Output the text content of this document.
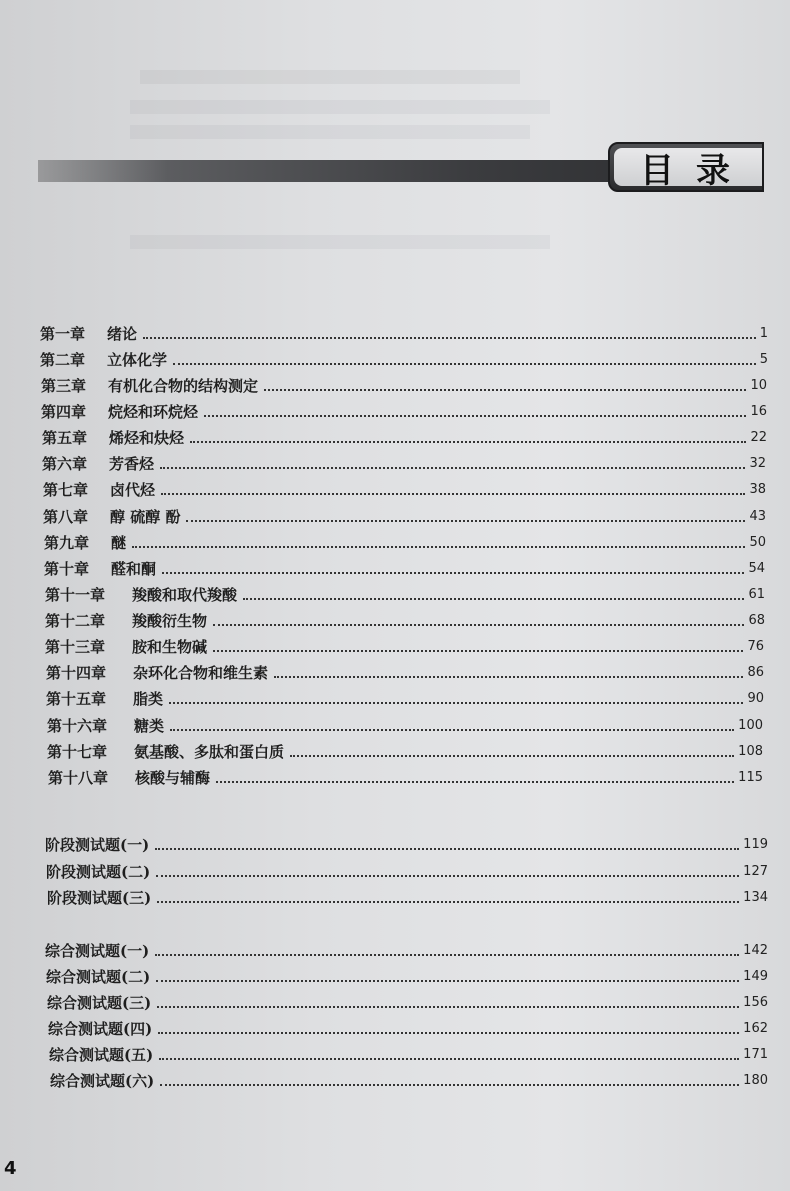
目录
第一章	绪论	1
第二章	立体化学	5
第三章	有机化合物的结构测定	10
第四章	烷烃和环烷烃	16
第五章	烯烃和炔烃	22
第六章	芳香烃	32
第七章	卤代烃	38
第八章	醇 硫醇 酚	43
第九章	醚	50
第十章	醛和酮	54
第十一章	羧酸和取代羧酸	61
第十二章	羧酸衍生物	68
第十三章	胺和生物碱	76
第十四章	杂环化合物和维生素	86
第十五章	脂类	90
第十六章	糖类	100
第十七章	氨基酸、多肽和蛋白质	108
第十八章	核酸与辅酶	115
阶段测试题(一)	119
阶段测试题(二)	127
阶段测试题(三)	134
综合测试题(一)	142
综合测试题(二)	149
综合测试题(三)	156
综合测试题(四)	162
综合测试题(五)	171
综合测试题(六)	180
4
